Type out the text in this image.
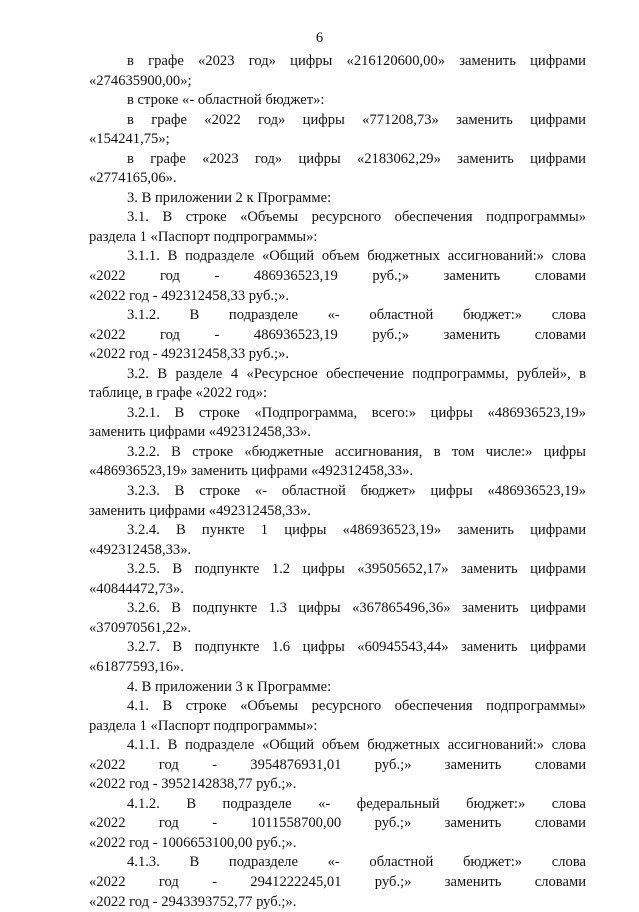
6

в графе «2023 год» цифры «216120600,00» заменить цифрами

«274635900,00»;

в строке «- областной бюджет»:

в графе «2022 год» цифры «771208,73» заменить цифрами

«154241,75»;

в графе «2023 год» цифры «2183062,29» заменить цифрами

«2774165,06».

3. В приложении 2 к Программе:

3.1. В строке «Объемы ресурсного обеспечения подпрограммы»

раздела 1 «Паспорт подпрограммы»:

3.1.1. В подразделе «Общий объем бюджетных ассигнований:» слова

«2022 год - 486936523,19 руб.;» заменить словами

«2022 год - 492312458,33 руб.;».

3.1.2. В подразделе «- областной бюджет:» слова

«2022 год - 486936523,19 руб.;» заменить словами

«2022 год - 492312458,33 руб.;».

3.2. В разделе 4 «Ресурсное обеспечение подпрограммы, рублей», в

таблице, в графе «2022 год»:

3.2.1. В строке «Подпрограмма, всего:» цифры «486936523,19»

заменить цифрами «492312458,33».

3.2.2. В строке «бюджетные ассигнования, в том числе:» цифры

«486936523,19» заменить цифрами «492312458,33».

3.2.3. В строке «- областной бюджет» цифры «486936523,19»

заменить цифрами «492312458,33».

3.2.4. В пункте 1 цифры «486936523,19» заменить цифрами

«492312458,33».

3.2.5. В подпункте 1.2 цифры «39505652,17» заменить цифрами

«40844472,73».

3.2.6. В подпункте 1.3 цифры «367865496,36» заменить цифрами

«370970561,22».

3.2.7. В подпункте 1.6 цифры «60945543,44» заменить цифрами

«61877593,16».

4. В приложении 3 к Программе:

4.1. В строке «Объемы ресурсного обеспечения подпрограммы»

раздела 1 «Паспорт подпрограммы»:

4.1.1. В подразделе «Общий объем бюджетных ассигнований:» слова

«2022 год - 3954876931,01 руб.;» заменить словами

«2022 год - 3952142838,77 руб.;».

4.1.2. В подразделе «- федеральный бюджет:» слова

«2022 год - 1011558700,00 руб.;» заменить словами

«2022 год - 1006653100,00 руб.;».

4.1.3. В подразделе «- областной бюджет:» слова

«2022 год - 2941222245,01 руб.;» заменить словами

«2022 год - 2943393752,77 руб.;».
